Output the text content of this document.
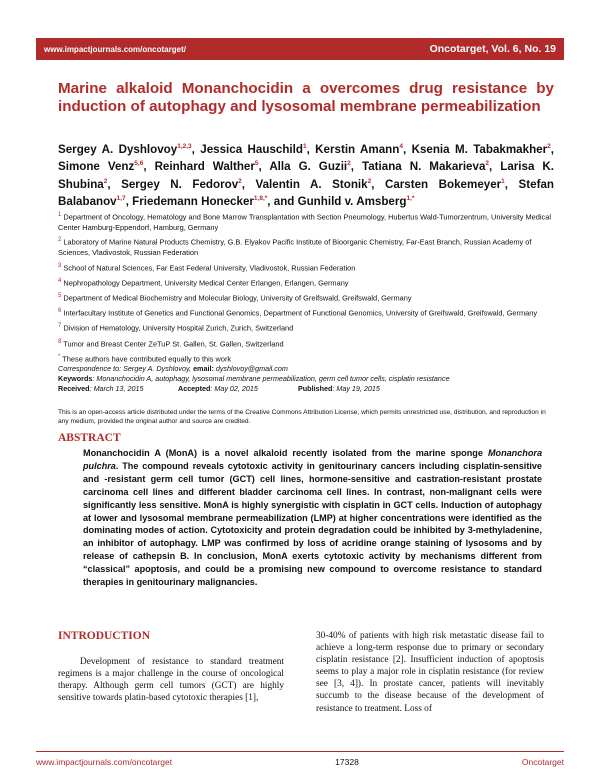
www.impactjournals.com/oncotarget/	Oncotarget, Vol. 6, No. 19
Marine alkaloid Monanchocidin a overcomes drug resistance by induction of autophagy and lysosomal membrane permeabilization
Sergey A. Dyshlovoy$^{1,2,3}$, Jessica Hauschild$^1$, Kerstin Amann$^4$, Ksenia M. Tabakmakher$^2$, Simone Venz$^{5,6}$, Reinhard Walther$^5$, Alla G. Guzii$^2$, Tatiana N. Makarieva$^2$, Larisa K. Shubina$^2$, Sergey N. Fedorov$^2$, Valentin A. Stonik$^2$, Carsten Bokemeyer$^1$, Stefan Balabanov$^{1,7}$, Friedemann Honecker$^{1,8,*}$, and Gunhild v. Amsberg$^{1,*}$
$^1$ Department of Oncology, Hematology and Bone Marrow Transplantation with Section Pneumology, Hubertus Wald-Tumorzentrum, University Medical Center Hamburg-Eppendorf, Hamburg, Germany
$^2$ Laboratory of Marine Natural Products Chemistry, G.B. Elyakov Pacific Institute of Bioorganic Chemistry, Far-East Branch, Russian Academy of Sciences, Vladivostok, Russian Federation
$^3$ School of Natural Sciences, Far East Federal University, Vladivostok, Russian Federation
$^4$ Nephropathology Department, University Medical Center Erlangen, Erlangen, Germany
$^5$ Department of Medical Biochemistry and Molecular Biology, University of Greifswald, Greifswald, Germany
$^6$ Interfacultary Institute of Genetics and Functional Genomics, Department of Functional Genomics, University of Greifswald, Greifswald, Germany
$^7$ Division of Hematology, University Hospital Zurich, Zurich, Switzerland
$^8$ Tumor and Breast Center ZeTuP St. Gallen, St. Gallen, Switzerland
* These authors have contributed equally to this work
Correspondence to: Sergey A. Dyshlovoy, email: dyshlovoy@gmail.com
Keywords: Monanchocidin A, autophagy, lysosomal membrane permeabilization, germ cell tumor cells, cisplatin resistance
Received: March 13, 2015	Accepted: May 02, 2015	Published: May 19, 2015
This is an open-access article distributed under the terms of the Creative Commons Attribution License, which permits unrestricted use, distribution, and reproduction in any medium, provided the original author and source are credited.
ABSTRACT
Monanchocidin A (MonA) is a novel alkaloid recently isolated from the marine sponge Monanchora pulchra. The compound reveals cytotoxic activity in genitourinary cancers including cisplatin-sensitive and -resistant germ cell tumor (GCT) cell lines, hormone-sensitive and castration-resistant prostate carcinoma cell lines and different bladder carcinoma cell lines. In contrast, non-malignant cells were significantly less sensitive. MonA is highly synergistic with cisplatin in GCT cells. Induction of autophagy at lower and lysosomal membrane permeabilization (LMP) at higher concentrations were identified as the dominating modes of action. Cytotoxicity and protein degradation could be inhibited by 3-methyladenine, an inhibitor of autophagy. LMP was confirmed by loss of acridine orange staining of lysosoms and by release of cathepsin B. In conclusion, MonA exerts cytotoxic activity by mechanisms different from “classical” apoptosis, and could be a promising new compound to overcome resistance to standard therapies in genitourinary malignancies.
INTRODUCTION
Development of resistance to standard treatment regimens is a major challenge in the course of oncological therapy. Although germ cell tumors (GCT) are highly sensitive towards platin-based cytotoxic therapies [1],
30-40% of patients with high risk metastatic disease fail to achieve a long-term response due to primary or secondary cisplatin resistance [2]. Insufficient induction of apoptosis seems to play a major role in cisplatin resistance (for review see [3, 4]). In prostate cancer, patients will inevitably succumb to the disease because of the development of resistance to treatment. Loss of
www.impactjournals.com/oncotarget	17328	Oncotarget
